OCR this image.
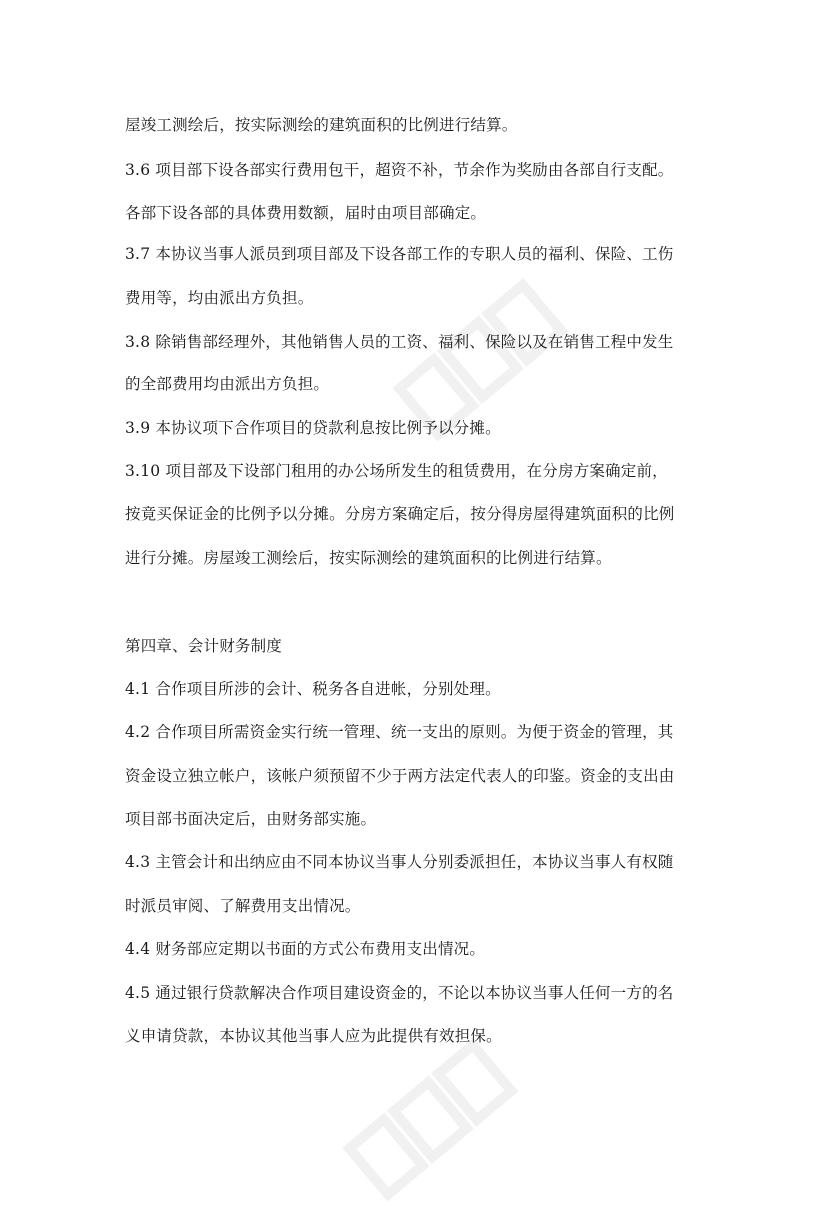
屋竣工测绘后，按实际测绘的建筑面积的比例进行结算。
3.6 项目部下设各部实行费用包干，超资不补，节余作为奖励由各部自行支配。
各部下设各部的具体费用数额，届时由项目部确定。
3.7 本协议当事人派员到项目部及下设各部工作的专职人员的福利、保险、工伤
费用等，均由派出方负担。
3.8 除销售部经理外，其他销售人员的工资、福利、保险以及在销售工程中发生
的全部费用均由派出方负担。
3.9 本协议项下合作项目的贷款利息按比例予以分摊。
3.10 项目部及下设部门租用的办公场所发生的租赁费用，在分房方案确定前，
按竟买保证金的比例予以分摊。分房方案确定后，按分得房屋得建筑面积的比例
进行分摊。房屋竣工测绘后，按实际测绘的建筑面积的比例进行结算。
第四章、会计财务制度
4.1 合作项目所涉的会计、税务各自进帐，分别处理。
4.2 合作项目所需资金实行统一管理、统一支出的原则。为便于资金的管理，其
资金设立独立帐户，该帐户须预留不少于两方法定代表人的印鉴。资金的支出由
项目部书面决定后，由财务部实施。
4.3 主管会计和出纳应由不同本协议当事人分别委派担任，本协议当事人有权随
时派员审阅、了解费用支出情况。
4.4 财务部应定期以书面的方式公布费用支出情况。
4.5 通过银行贷款解决合作项目建设资金的，不论以本协议当事人任何一方的名
义申请贷款，本协议其他当事人应为此提供有效担保。
